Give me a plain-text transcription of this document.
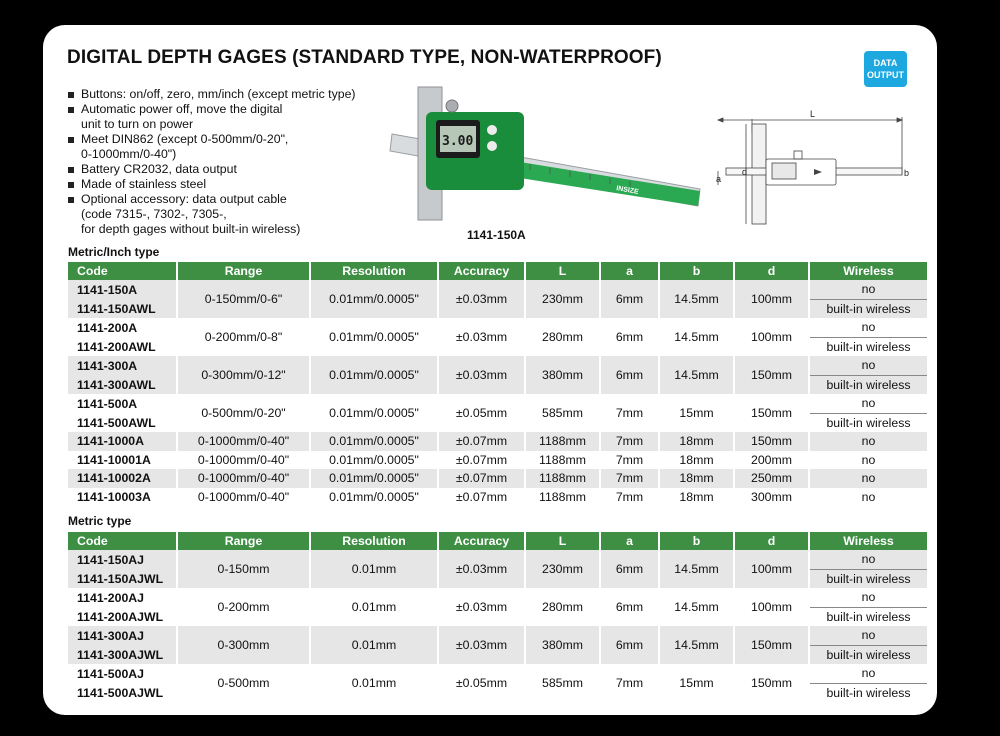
DIGITAL DEPTH GAGES (STANDARD TYPE, NON-WATERPROOF)	DATA
OUTPUT
Buttons: on/off, zero, mm/inch (except metric type)
Automatic power off, move the digital
unit to turn on power
Meet DIN862 (except 0-500mm/0-20",
0-1000mm/0-40")
Battery CR2032, data output
Made of stainless steel
Optional accessory: data output cable
(code 7315-, 7302-, 7305-,
for depth gages without built-in wireless)
3.00
INSIZE
1141-150A
L
a
b
d
Metric/Inch type
Code	Range	Resolution	Accuracy	L	a	b	d	Wireless
1141-150A	0-150mm/0-6"	0.01mm/0.0005"	±0.03mm	230mm	6mm	14.5mm	100mm	no
1141-150AWL								built-in wireless
1141-200A	0-200mm/0-8"	0.01mm/0.0005"	±0.03mm	280mm	6mm	14.5mm	100mm	no
1141-200AWL								built-in wireless
1141-300A	0-300mm/0-12"	0.01mm/0.0005"	±0.03mm	380mm	6mm	14.5mm	150mm	no
1141-300AWL								built-in wireless
1141-500A	0-500mm/0-20"	0.01mm/0.0005"	±0.05mm	585mm	7mm	15mm	150mm	no
1141-500AWL								built-in wireless
1141-1000A	0-1000mm/0-40"	0.01mm/0.0005"	±0.07mm	1188mm	7mm	18mm	150mm	no
1141-10001A	0-1000mm/0-40"	0.01mm/0.0005"	±0.07mm	1188mm	7mm	18mm	200mm	no
1141-10002A	0-1000mm/0-40"	0.01mm/0.0005"	±0.07mm	1188mm	7mm	18mm	250mm	no
1141-10003A	0-1000mm/0-40"	0.01mm/0.0005"	±0.07mm	1188mm	7mm	18mm	300mm	no
Metric type
Code	Range	Resolution	Accuracy	L	a	b	d	Wireless
1141-150AJ	0-150mm	0.01mm	±0.03mm	230mm	6mm	14.5mm	100mm	no
1141-150AJWL								built-in wireless
1141-200AJ	0-200mm	0.01mm	±0.03mm	280mm	6mm	14.5mm	100mm	no
1141-200AJWL								built-in wireless
1141-300AJ	0-300mm	0.01mm	±0.03mm	380mm	6mm	14.5mm	150mm	no
1141-300AJWL								built-in wireless
1141-500AJ	0-500mm	0.01mm	±0.05mm	585mm	7mm	15mm	150mm	no
1141-500AJWL								built-in wireless
